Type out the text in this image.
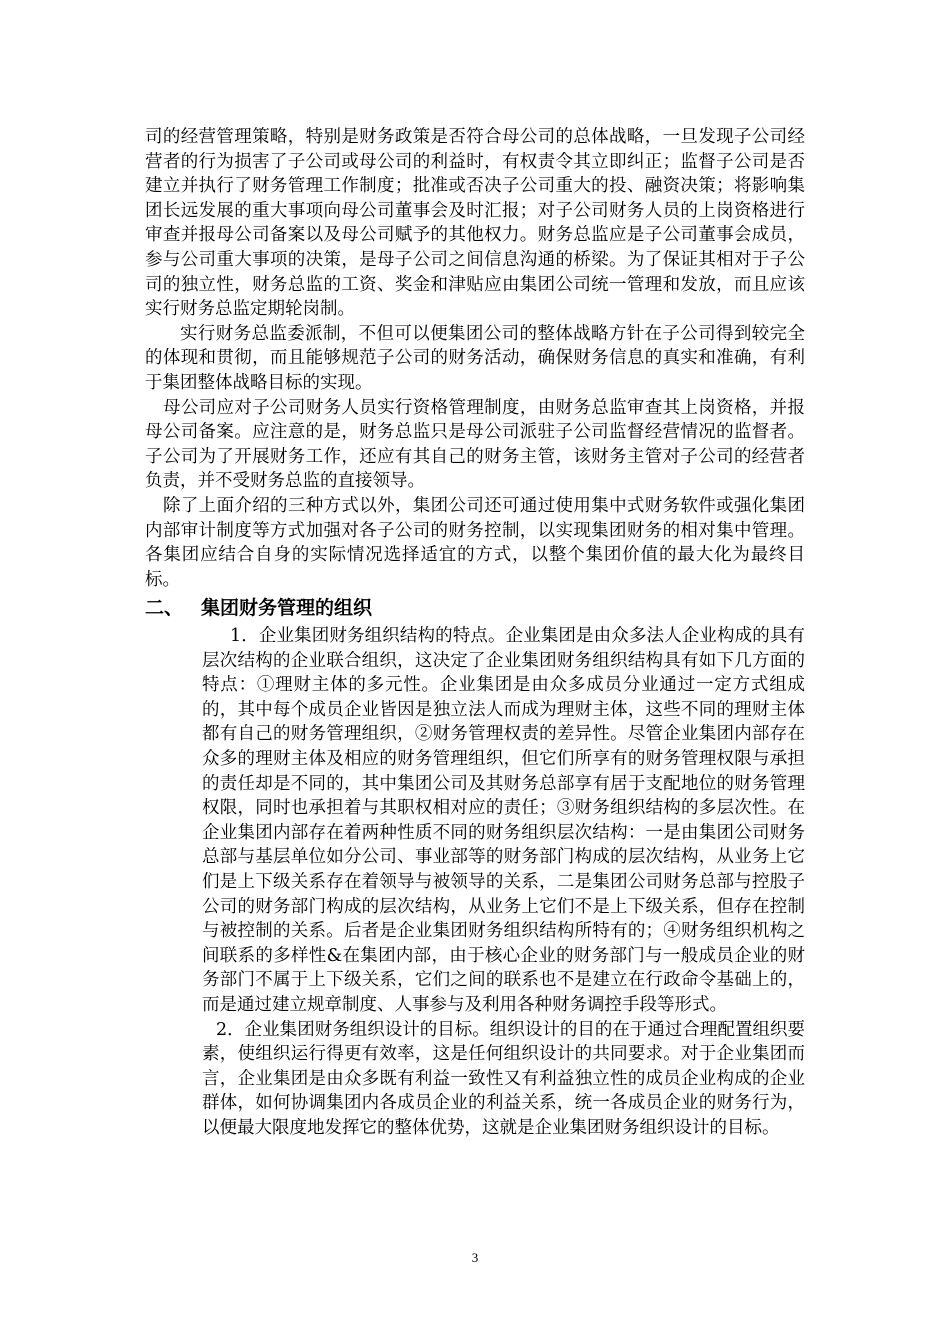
司的经营管理策略，特别是财务政策是否符合母公司的总体战略，一旦发现子公司经营者的行为损害了子公司或母公司的利益时，有权责令其立即纠正；监督子公司是否建立并执行了财务管理工作制度；批准或否决子公司重大的投、融资决策；将影响集团长远发展的重大事项向母公司董事会及时汇报；对子公司财务人员的上岗资格进行审查并报母公司备案以及母公司赋予的其他权力。财务总监应是子公司董事会成员，参与公司重大事项的决策，是母子公司之间信息沟通的桥梁。为了保证其相对于子公司的独立性，财务总监的工资、奖金和津贴应由集团公司统一管理和发放，而且应该实行财务总监定期轮岗制。

实行财务总监委派制，不但可以便集团公司的整体战略方针在子公司得到较完全的体现和贯彻，而且能够规范子公司的财务活动，确保财务信息的真实和准确，有利于集团整体战略目标的实现。

母公司应对子公司财务人员实行资格管理制度，由财务总监审查其上岗资格，并报母公司备案。应注意的是，财务总监只是母公司派驻子公司监督经营情况的监督者。子公司为了开展财务工作，还应有其自己的财务主管，该财务主管对子公司的经营者负责，并不受财务总监的直接领导。

除了上面介绍的三种方式以外，集团公司还可通过使用集中式财务软件或强化集团内部审计制度等方式加强对各子公司的财务控制，以实现集团财务的相对集中管理。各集团应结合自身的实际情况选择适宜的方式，以整个集团价值的最大化为最终目标。

二、 集团财务管理的组织

1．企业集团财务组织结构的特点。企业集团是由众多法人企业构成的具有层次结构的企业联合组织，这决定了企业集团财务组织结构具有如下几方面的特点：①理财主体的多元性。企业集团是由众多成员分业通过一定方式组成的，其中每个成员企业皆因是独立法人而成为理财主体，这些不同的理财主体都有自己的财务管理组织，②财务管理权责的差异性。尽管企业集团内部存在众多的理财主体及相应的财务管理组织，但它们所享有的财务管理权限与承担的责任却是不同的，其中集团公司及其财务总部享有居于支配地位的财务管理权限，同时也承担着与其职权相对应的责任；③财务组织结构的多层次性。在企业集团内部存在着两种性质不同的财务组织层次结构：一是由集团公司财务总部与基层单位如分公司、事业部等的财务部门构成的层次结构，从业务上它们是上下级关系存在着领导与被领导的关系，二是集团公司财务总部与控股子公司的财务部门构成的层次结构，从业务上它们不是上下级关系，但存在控制与被控制的关系。后者是企业集团财务组织结构所特有的；④财务组织机构之间联系的多样性&在集团内部，由于核心企业的财务部门与一般成员企业的财务部门不属于上下级关系，它们之间的联系也不是建立在行政命令基础上的，而是通过建立规章制度、人事参与及利用各种财务调控手段等形式。

2．企业集团财务组织设计的目标。组织设计的目的在于通过合理配置组织要素，使组织运行得更有效率，这是任何组织设计的共同要求。对于企业集团而言，企业集团是由众多既有利益一致性又有利益独立性的成员企业构成的企业群体，如何协调集团内各成员企业的利益关系，统一各成员企业的财务行为，以便最大限度地发挥它的整体优势，这就是企业集团财务组织设计的目标。

3
